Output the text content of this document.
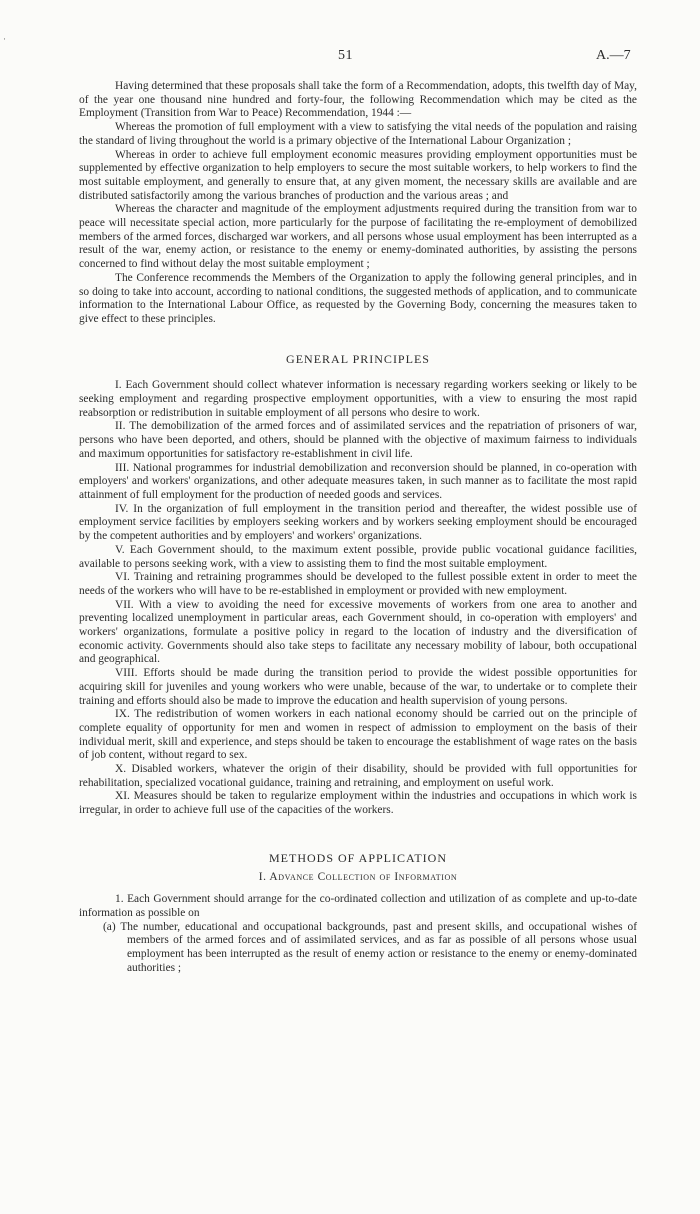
·
51	A.—7

Having determined that these proposals shall take the form of a Recommendation, adopts, this twelfth day of May, of the year one thousand nine hundred and forty-four, the following Recommendation which may be cited as the Employment (Transition from War to Peace) Recommendation, 1944 :—

Whereas the promotion of full employment with a view to satisfying the vital needs of the population and raising the standard of living throughout the world is a primary objective of the International Labour Organization ;

Whereas in order to achieve full employment economic measures providing employment opportunities must be supplemented by effective organization to help employers to secure the most suitable workers, to help workers to find the most suitable employment, and generally to ensure that, at any given moment, the necessary skills are available and are distributed satisfactorily among the various branches of production and the various areas ; and

Whereas the character and magnitude of the employment adjustments required during the transition from war to peace will necessitate special action, more particularly for the purpose of facilitating the re-employment of demobilized members of the armed forces, discharged war workers, and all persons whose usual employment has been interrupted as a result of the war, enemy action, or resistance to the enemy or enemy-dominated authorities, by assisting the persons concerned to find without delay the most suitable employment ;

The Conference recommends the Members of the Organization to apply the following general principles, and in so doing to take into account, according to national conditions, the suggested methods of application, and to communicate information to the International Labour Office, as requested by the Governing Body, concerning the measures taken to give effect to these principles.

GENERAL PRINCIPLES

I. Each Government should collect whatever information is necessary regarding workers seeking or likely to be seeking employment and regarding prospective employment opportunities, with a view to ensuring the most rapid reabsorption or redistribution in suitable employment of all persons who desire to work.

II. The demobilization of the armed forces and of assimilated services and the repatriation of prisoners of war, persons who have been deported, and others, should be planned with the objective of maximum fairness to individuals and maximum opportunities for satisfactory re-establishment in civil life.

III. National programmes for industrial demobilization and reconversion should be planned, in co-operation with employers' and workers' organizations, and other adequate measures taken, in such manner as to facilitate the most rapid attainment of full employment for the production of needed goods and services.

IV. In the organization of full employment in the transition period and thereafter, the widest possible use of employment service facilities by employers seeking workers and by workers seeking employment should be encouraged by the competent authorities and by employers' and workers' organizations.

V. Each Government should, to the maximum extent possible, provide public vocational guidance facilities, available to persons seeking work, with a view to assisting them to find the most suitable employment.

VI. Training and retraining programmes should be developed to the fullest possible extent in order to meet the needs of the workers who will have to be re-established in employment or provided with new employment.

VII. With a view to avoiding the need for excessive movements of workers from one area to another and preventing localized unemployment in particular areas, each Government should, in co-operation with employers' and workers' organizations, formulate a positive policy in regard to the location of industry and the diversification of economic activity. Governments should also take steps to facilitate any necessary mobility of labour, both occupational and geographical.

VIII. Efforts should be made during the transition period to provide the widest possible opportunities for acquiring skill for juveniles and young workers who were unable, because of the war, to undertake or to complete their training and efforts should also be made to improve the education and health supervision of young persons.

IX. The redistribution of women workers in each national economy should be carried out on the principle of complete equality of opportunity for men and women in respect of admission to employment on the basis of their individual merit, skill and experience, and steps should be taken to encourage the establishment of wage rates on the basis of job content, without regard to sex.

X. Disabled workers, whatever the origin of their disability, should be provided with full opportunities for rehabilitation, specialized vocational guidance, training and retraining, and employment on useful work.

XI. Measures should be taken to regularize employment within the industries and occupations in which work is irregular, in order to achieve full use of the capacities of the workers.

METHODS OF APPLICATION

I. Advance Collection of Information

1. Each Government should arrange for the co-ordinated collection and utilization of as complete and up-to-date information as possible on

(a) The number, educational and occupational backgrounds, past and present skills, and occupational wishes of members of the armed forces and of assimilated services, and as far as possible of all persons whose usual employment has been interrupted as the result of enemy action or resistance to the enemy or enemy-dominated authorities ;
